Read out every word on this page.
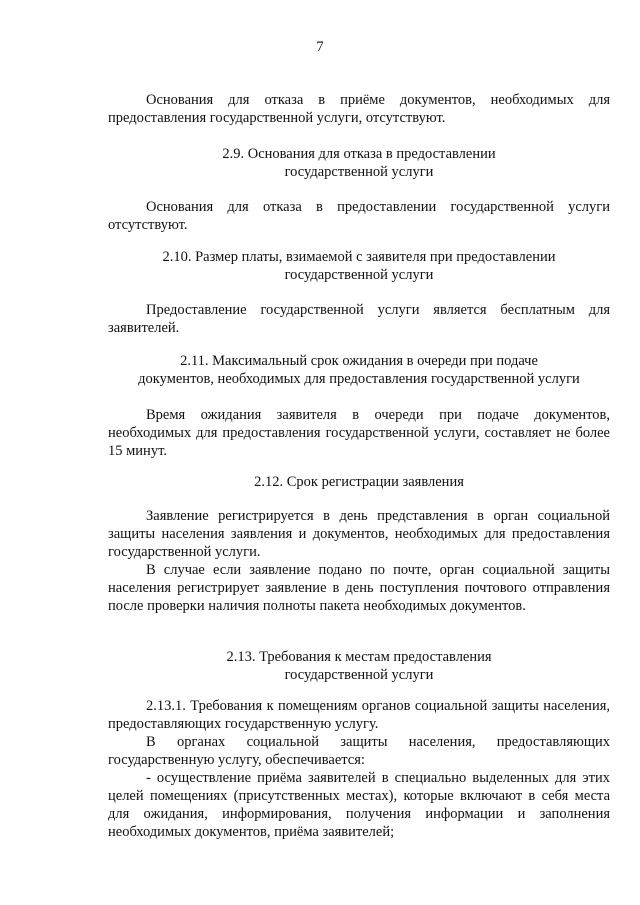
7

Основания для отказа в приёме документов, необходимых для предоставления государственной услуги, отсутствуют.

2.9. Основания для отказа в предоставлении
государственной услуги

Основания для отказа в предоставлении государственной услуги отсутствуют.

2.10. Размер платы, взимаемой с заявителя при предоставлении
государственной услуги

Предоставление государственной услуги является бесплатным для заявителей.

2.11. Максимальный срок ожидания в очереди при подаче
документов, необходимых для предоставления государственной услуги

Время ожидания заявителя в очереди при подаче документов, необходимых для предоставления государственной услуги, составляет не более 15 минут.

2.12. Срок регистрации заявления

Заявление регистрируется в день представления в орган социальной защиты населения заявления и документов, необходимых для предоставления государственной услуги.

В случае если заявление подано по почте, орган социальной защиты населения регистрирует заявление в день поступления почтового отправления после проверки наличия полноты пакета необходимых документов.

2.13. Требования к местам предоставления
государственной услуги

2.13.1. Требования к помещениям органов социальной защиты населения, предоставляющих государственную услугу.

В органах социальной защиты населения, предоставляющих государственную услугу, обеспечивается:

- осуществление приёма заявителей в специально выделенных для этих целей помещениях (присутственных местах), которые включают в себя места для ожидания, информирования, получения информации и заполнения необходимых документов, приёма заявителей;
